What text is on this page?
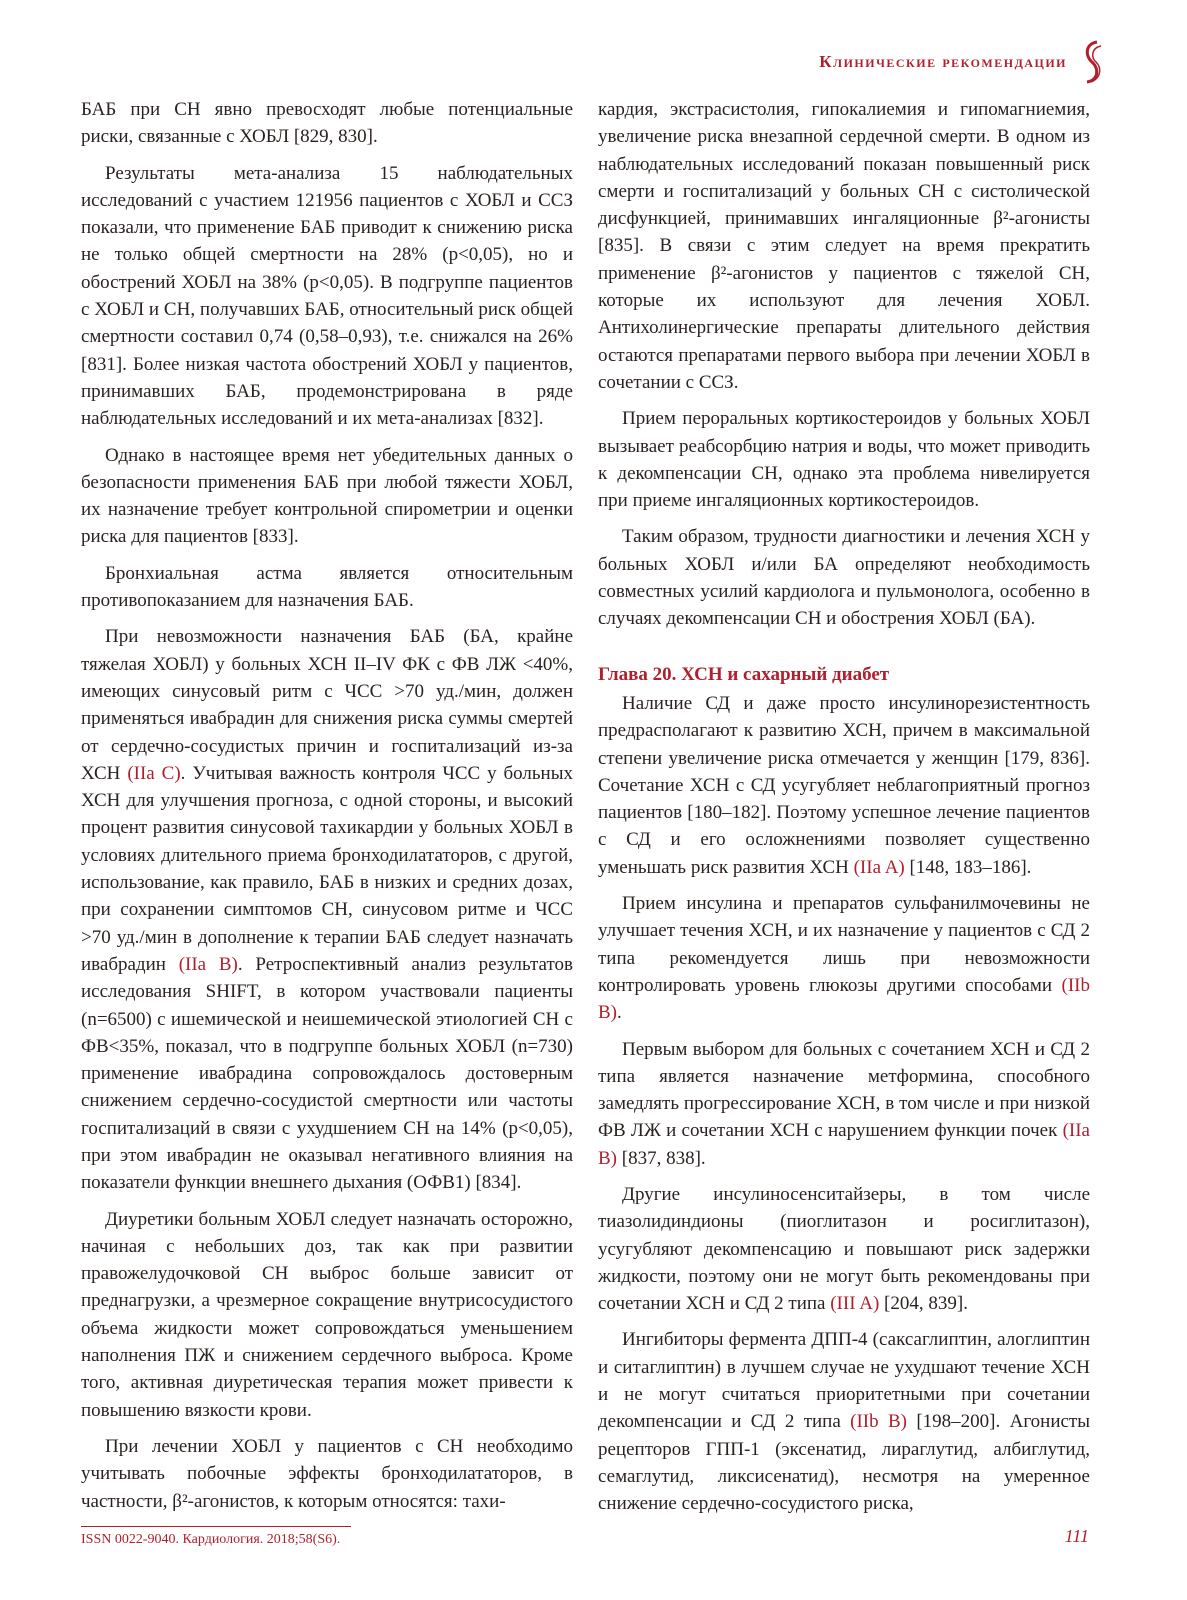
Клинические рекомендации

БАБ при СН явно превосходят любые потенциальные риски, связанные с ХОБЛ [829, 830].

Результаты мета-анализа 15 наблюдательных исследований с участием 121956 пациентов с ХОБЛ и ССЗ показали, что применение БАБ приводит к снижению риска не только общей смертности на 28% (p<0,05), но и обострений ХОБЛ на 38% (p<0,05). В подгруппе пациентов с ХОБЛ и СН, получавших БАБ, относительный риск общей смертности составил 0,74 (0,58–0,93), т.е. снижался на 26% [831]. Более низкая частота обострений ХОБЛ у пациентов, принимавших БАБ, продемонстрирована в ряде наблюдательных исследований и их мета-анализах [832].

Однако в настоящее время нет убедительных данных о безопасности применения БАБ при любой тяжести ХОБЛ, их назначение требует контрольной спирометрии и оценки риска для пациентов [833].

Бронхиальная астма является относительным противопоказанием для назначения БАБ.

При невозможности назначения БАБ (БА, крайне тяжелая ХОБЛ) у больных ХСН II–IV ФК с ФВ ЛЖ <40%, имеющих синусовый ритм с ЧСС >70 уд./мин, должен применяться ивабрадин для снижения риска суммы смертей от сердечно-сосудистых причин и госпитализаций из-за ХСН (IIa C). Учитывая важность контроля ЧСС у больных ХСН для улучшения прогноза, с одной стороны, и высокий процент развития синусовой тахикардии у больных ХОБЛ в условиях длительного приема бронходилататоров, с другой, использование, как правило, БАБ в низких и средних дозах, при сохранении симптомов СН, синусовом ритме и ЧСС >70 уд./мин в дополнение к терапии БАБ следует назначать ивабрадин (IIa B). Ретроспективный анализ результатов исследования SHIFT, в котором участвовали пациенты (n=6500) с ишемической и неишемической этиологией СН с ФВ<35%, показал, что в подгруппе больных ХОБЛ (n=730) применение ивабрадина сопровождалось достоверным снижением сердечно-сосудистой смертности или частоты госпитализаций в связи с ухудшением СН на 14% (p<0,05), при этом ивабрадин не оказывал негативного влияния на показатели функции внешнего дыхания (ОФВ1) [834].

Диуретики больным ХОБЛ следует назначать осторожно, начиная с небольших доз, так как при развитии правожелудочковой СН выброс больше зависит от преднагрузки, а чрезмерное сокращение внутрисосудистого объема жидкости может сопровождаться уменьшением наполнения ПЖ и снижением сердечного выброса. Кроме того, активная диуретическая терапия может привести к повышению вязкости крови.

При лечении ХОБЛ у пациентов с СН необходимо учитывать побочные эффекты бронходилататоров, в частности, β²-агонистов, к которым относятся: тахи-

кардия, экстрасистолия, гипокалиемия и гипомагниемия, увеличение риска внезапной сердечной смерти. В одном из наблюдательных исследований показан повышенный риск смерти и госпитализаций у больных СН с систолической дисфункцией, принимавших ингаляционные β²-агонисты [835]. В связи с этим следует на время прекратить применение β²-агонистов у пациентов с тяжелой СН, которые их используют для лечения ХОБЛ. Антихолинергические препараты длительного действия остаются препаратами первого выбора при лечении ХОБЛ в сочетании с ССЗ.

Прием пероральных кортикостероидов у больных ХОБЛ вызывает реабсорбцию натрия и воды, что может приводить к декомпенсации СН, однако эта проблема нивелируется при приеме ингаляционных кортикостероидов.

Таким образом, трудности диагностики и лечения ХСН у больных ХОБЛ и/или БА определяют необходимость совместных усилий кардиолога и пульмонолога, особенно в случаях декомпенсации СН и обострения ХОБЛ (БА).

Глава 20. ХСН и сахарный диабет

Наличие СД и даже просто инсулинорезистентность предрасполагают к развитию ХСН, причем в максимальной степени увеличение риска отмечается у женщин [179, 836]. Сочетание ХСН с СД усугубляет неблагоприятный прогноз пациентов [180–182]. Поэтому успешное лечение пациентов с СД и его осложнениями позволяет существенно уменьшать риск развития ХСН (IIa A) [148, 183–186].

Прием инсулина и препаратов сульфанилмочевины не улучшает течения ХСН, и их назначение у пациентов с СД 2 типа рекомендуется лишь при невозможности контролировать уровень глюкозы другими способами (IIb B).

Первым выбором для больных с сочетанием ХСН и СД 2 типа является назначение метформина, способного замедлять прогрессирование ХСН, в том числе и при низкой ФВ ЛЖ и сочетании ХСН с нарушением функции почек (IIa B) [837, 838].

Другие инсулиносенситайзеры, в том числе тиазолидиндионы (пиоглитазон и росиглитазон), усугубляют декомпенсацию и повышают риск задержки жидкости, поэтому они не могут быть рекомендованы при сочетании ХСН и СД 2 типа (III A) [204, 839].

Ингибиторы фермента ДПП-4 (саксаглиптин, алоглиптин и ситаглиптин) в лучшем случае не ухудшают течение ХСН и не могут считаться приоритетными при сочетании декомпенсации и СД 2 типа (IIb B) [198–200]. Агонисты рецепторов ГПП-1 (эксенатид, лираглутид, албиглутид, семаглутид, ликсисенатид), несмотря на умеренное снижение сердечно-сосудистого риска,

ISSN 0022-9040. Кардиология. 2018;58(S6).	111
